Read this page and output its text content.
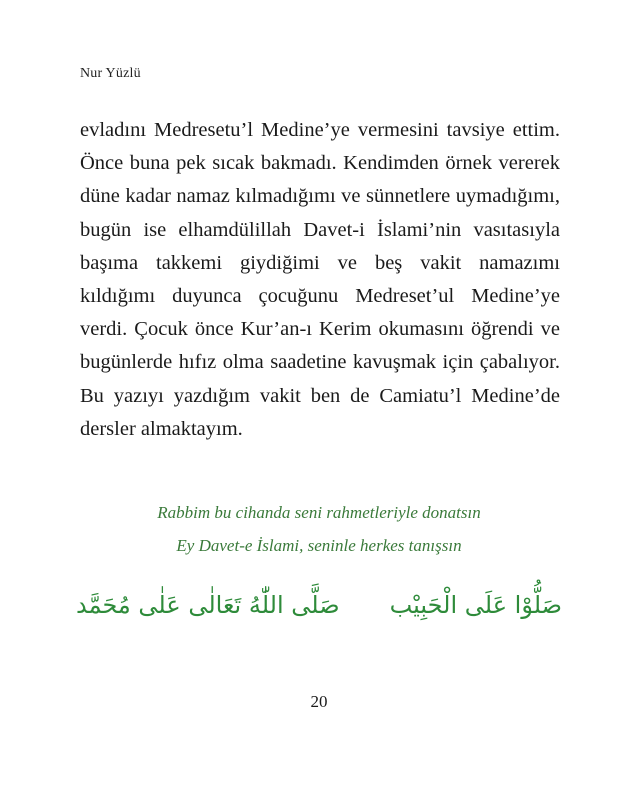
Nur Yüzlü

evladını Medresetu’l Medine’ye vermesini tavsiye ettim. Önce buna pek sıcak bakmadı. Kendimden örnek vererek düne kadar namaz kılmadığımı ve sünnetlere uymadığımı, bugün ise elhamdülillah Davet-i İslami’nin vasıtasıyla başıma takkemi giydiğimi ve beş vakit namazımı kıldığımı duyunca çocuğunu Medreset’ul Medine’ye verdi. Çocuk önce Kur’an-ı Kerim okumasını öğrendi ve bugünlerde hıfız olma saadetine kavuşmak için çabalıyor. Bu yazıyı yazdığım vakit ben de Camiatu’l Medine’de dersler almaktayım.

Rabbim bu cihanda seni rahmetleriyle donatsın

Ey Davet-e İslami, seninle herkes tanışsın

صَلُّوْا عَلَى الْحَبِيْب
صَلَّى اللّٰهُ تَعَالٰى عَلٰى مُحَمَّد
20
